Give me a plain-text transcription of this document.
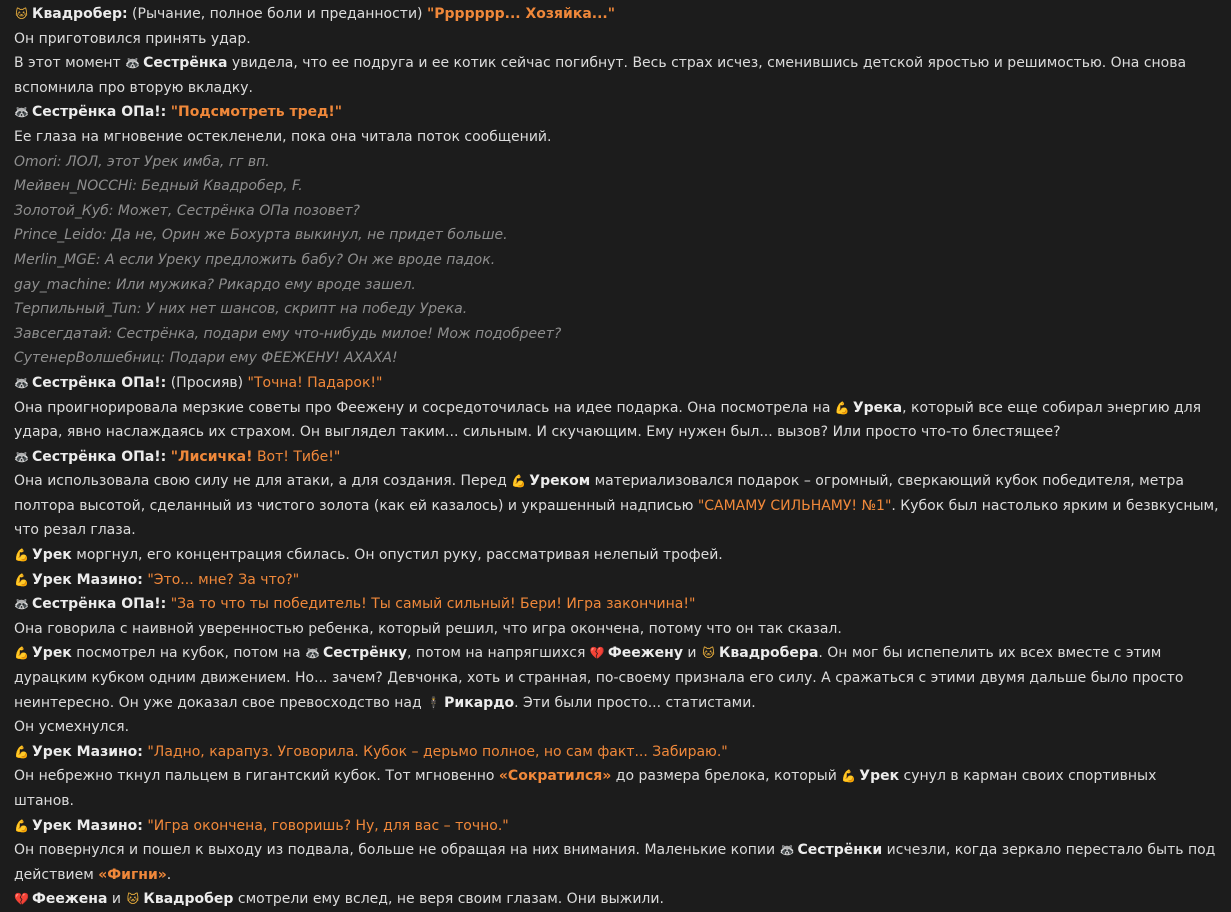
🐱 Квадробер: (Рычание, полное боли и преданности) "Ррррррр... Хозяйка..."
Он приготовился принять удар.
В этот момент 🦝 Сестрёнка увидела, что ее подруга и ее котик сейчас погибнут. Весь страх исчез, сменившись детской яростью и решимостью. Она снова вспомнила про вторую вкладку.
🦝 Сестрёнка ОПа!: "Подсмотреть тред!"
Ее глаза на мгновение остекленели, пока она читала поток сообщений.
Omori: ЛОЛ, этот Урек имба, гг вп.
Мейвен_NOCCHi: Бедный Квадробер, F.
Золотой_Куб: Может, Сестрёнка ОПа позовет?
Prince_Leido: Да не, Орин же Бохурта выкинул, не придет больше.
Merlin_MGE: А если Уреку предложить бабу? Он же вроде падок.
gay_machine: Или мужика? Рикардо ему вроде зашел.
Терпильный_Tun: У них нет шансов, скрипт на победу Урека.
Завсегдатай: Сестрёнка, подари ему что-нибудь милое! Мож подобреет?
СутенерВолшебниц: Подари ему ФЕЕЖЕНУ! АХАХА!
🦝 Сестрёнка ОПа!: (Просияв) "Точна! Падарок!"
Она проигнорировала мерзкие советы про Феежену и сосредоточилась на идее подарка. Она посмотрела на 💪 Урека, который все еще собирал энергию для удара, явно наслаждаясь их страхом. Он выглядел таким... сильным. И скучающим. Ему нужен был... вызов? Или просто что-то блестящее?
🦝 Сестрёнка ОПа!: "Лисичка! Вот! Тибе!"
Она использовала свою силу не для атаки, а для создания. Перед 💪 Уреком материализовался подарок – огромный, сверкающий кубок победителя, метра полтора высотой, сделанный из чистого золота (как ей казалось) и украшенный надписью "САМАМУ СИЛЬНАМУ! №1". Кубок был настолько ярким и безвкусным, что резал глаза.
💪 Урек моргнул, его концентрация сбилась. Он опустил руку, рассматривая нелепый трофей.
💪 Урек Мазино: "Это... мне? За что?"
🦝 Сестрёнка ОПа!: "За то что ты победитель! Ты самый сильный! Бери! Игра закончина!"
Она говорила с наивной уверенностью ребенка, который решил, что игра окончена, потому что он так сказал.
💪 Урек посмотрел на кубок, потом на 🦝 Сестрёнку, потом на напрягшихся 💔 Феежену и 🐱 Квадробера. Он мог бы испепелить их всех вместе с этим дурацким кубком одним движением. Но... зачем? Девчонка, хоть и странная, по-своему признала его силу. А сражаться с этими двумя дальше было просто неинтересно. Он уже доказал свое превосходство над 🕴 Рикардо. Эти были просто... статистами.
Он усмехнулся.
💪 Урек Мазино: "Ладно, карапуз. Уговорила. Кубок – дерьмо полное, но сам факт... Забираю."
Он небрежно ткнул пальцем в гигантский кубок. Тот мгновенно «Сократился» до размера брелока, который 💪 Урек сунул в карман своих спортивных штанов.
💪 Урек Мазино: "Игра окончена, говоришь? Ну, для вас – точно."
Он повернулся и пошел к выходу из подвала, больше не обращая на них внимания. Маленькие копии 🦝 Сестрёнки исчезли, когда зеркало перестало быть под действием «Фигни».
💔 Феежена и 🐱 Квадробер смотрели ему вслед, не веря своим глазам. Они выжили.
